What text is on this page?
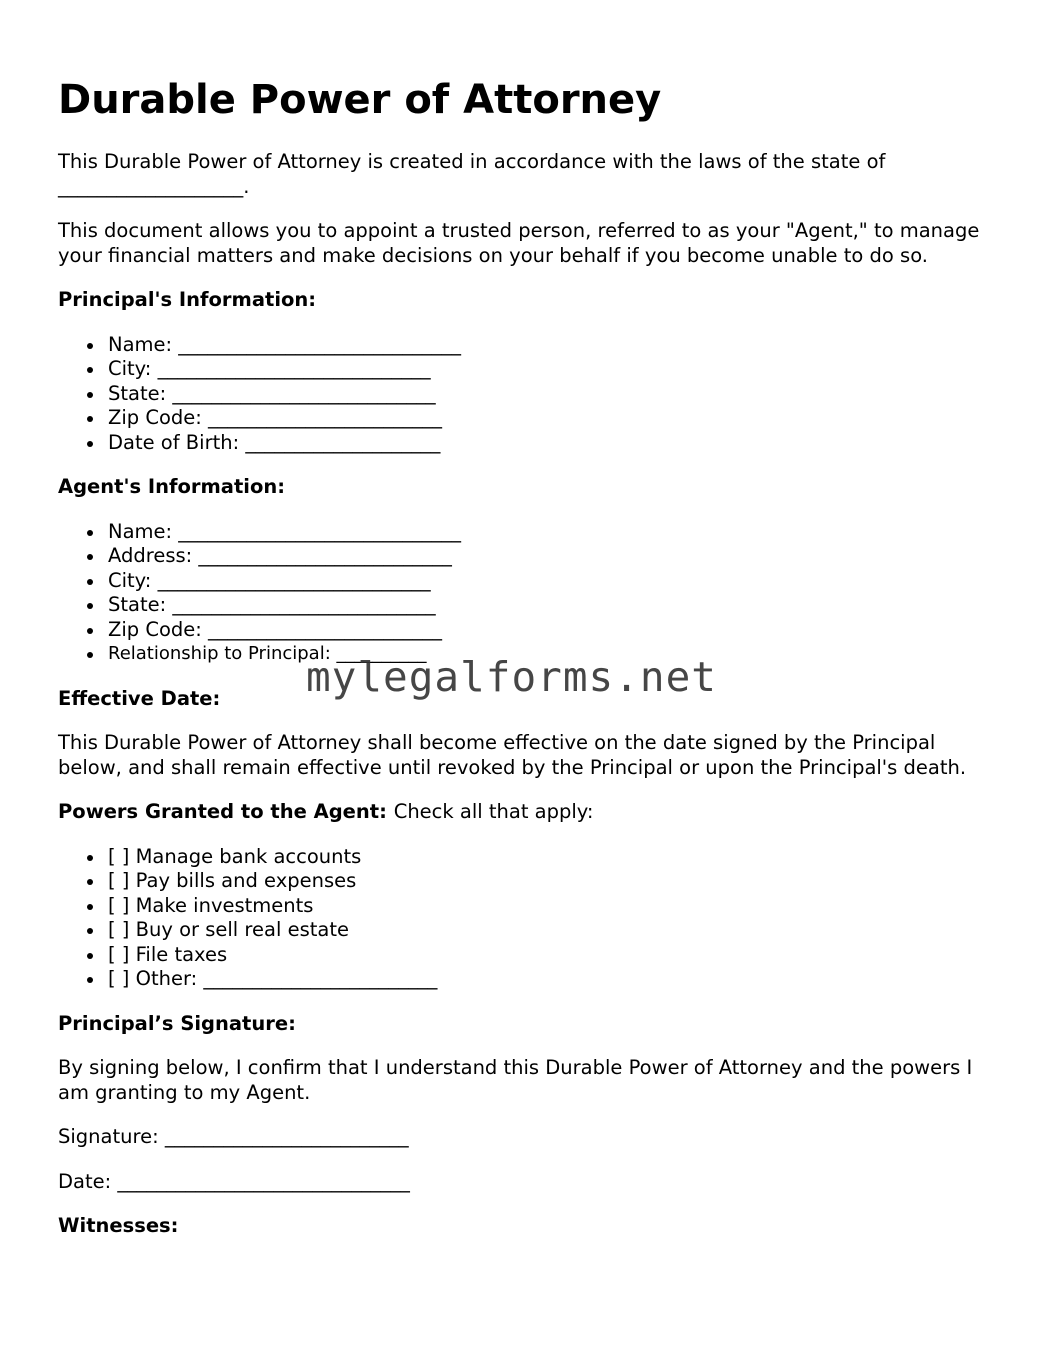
Durable Power of Attorney

This Durable Power of Attorney is created in accordance with the laws of the state of ___________________.

This document allows you to appoint a trusted person, referred to as your "Agent," to manage your financial matters and make decisions on your behalf if you become unable to do so.

Principal's Information:
Name: _____________________________
City: ____________________________
State: ___________________________
Zip Code: ________________________
Date of Birth: ____________________
Agent's Information:
Name: _____________________________
Address: __________________________
City: ____________________________
State: ___________________________
Zip Code: ________________________
Relationship to Principal: __________
Effective Date:

This Durable Power of Attorney shall become effective on the date signed by the Principal below, and shall remain effective until revoked by the Principal or upon the Principal's death.

Powers Granted to the Agent: Check all that apply:
[ ] Manage bank accounts
[ ] Pay bills and expenses
[ ] Make investments
[ ] Buy or sell real estate
[ ] File taxes
[ ] Other: ________________________
Principal’s Signature:

By signing below, I confirm that I understand this Durable Power of Attorney and the powers I am granting to my Agent.

Signature: _________________________
Date: ______________________________
Witnesses:
mylegalforms.net
